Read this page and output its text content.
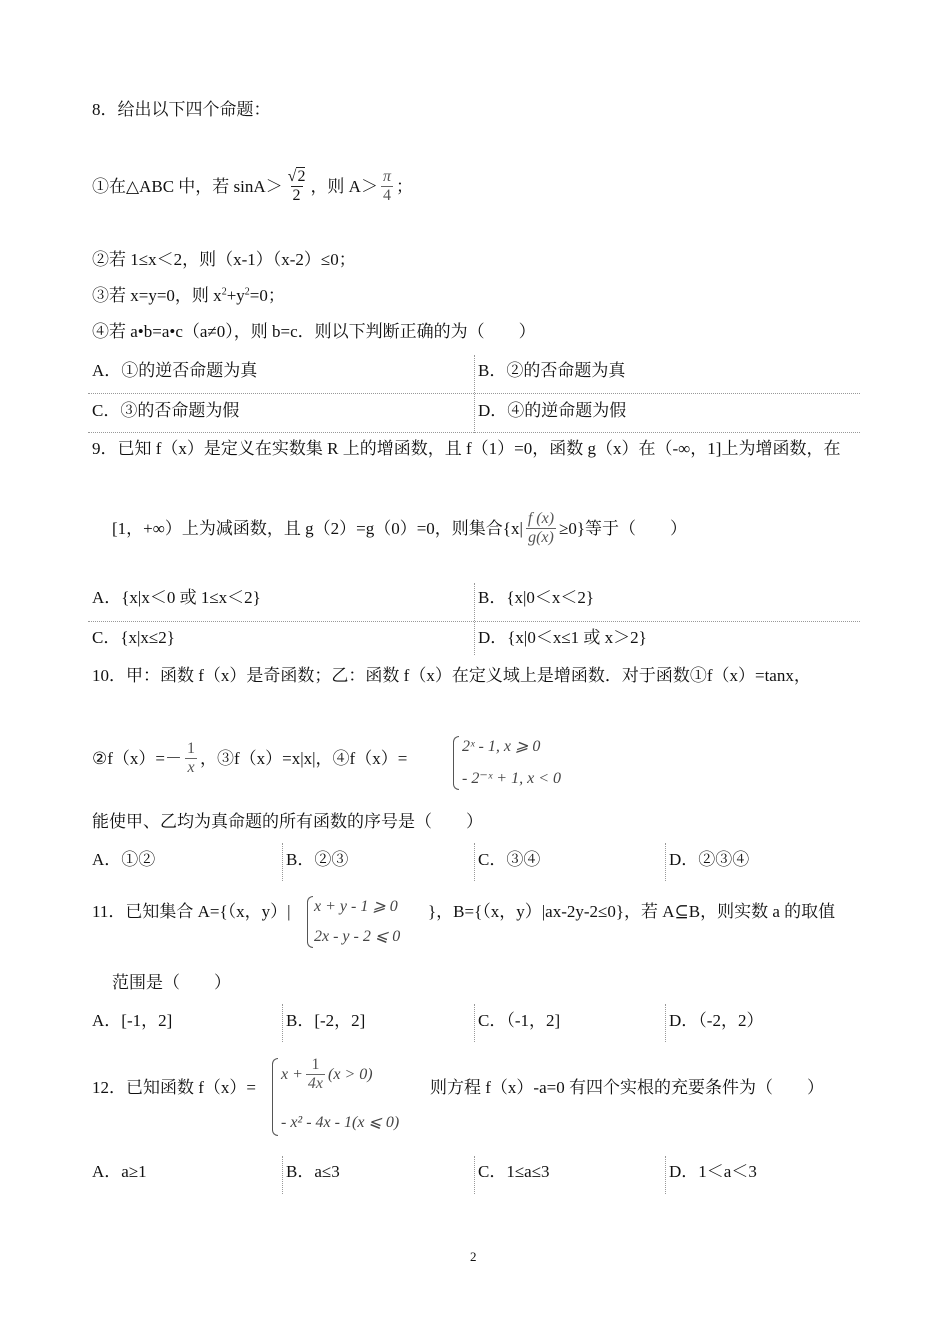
8．给出以下四个命题：
①在△ABC 中，若 $\sin A> \frac{√2}{2}$ ，则 $A> \frac{\pi}{4}$ ；
②若 1≤x＜2，则（x-1）（x-2）≤0；
③若 x=y=0，则 $x^2+y^2=0$；
④若 a•b=a•c（a≠0），则 b=c．则以下判断正确的为（　　）
A．①的逆否命题为真	B．②的否命题为真
C．③的否命题为假	D．④的逆命题为假
9．已知 f（x）是定义在实数集 R 上的增函数，且 f（1）=0，函数 g（x）在（-∞，1]上为增函数，在
[1，+∞）上为减函数，且 g（2）=g（0）=0，则集合$\{x| \frac{f (x)}{g(x)} \ge 0\}$等于（　　）
A．{x|x＜0 或 1≤x＜2}	B．{x|0＜x＜2}
C．{x|x≤2}	D．{x|0＜x≤1 或 x＞2}
10．甲：函数 f（x）是奇函数；乙：函数 f（x）在定义域上是增函数．对于函数①f（x）=tanx，
②f（x）=－ $\frac{1}{x}$ ，③f（x）=x|x|，④f（x）=
2ˣ - 1, x ⩾ 0
- 2⁻ˣ + 1, x < 0
能使甲、乙均为真命题的所有函数的序号是（　　）
A．①②	B．②③	C．③④	D．②③④
11．已知集合 A={（x，y）| x + y - 1 ⩾ 0
2x - y - 2 ⩽ 0
}，B={（x，y）|ax-2y-2≤0}，若 A⊆B，则实数 a 的取值
范围是（　　）
A．[-1，2]	B．[-2，2]	C．（-1，2]	D．（-2，2）
12．已知函数 f（x）=
$x + \frac{1}{4x} (x > 0)$
- x² - 4x - 1(x ⩽ 0)
则方程 f（x）-a=0 有四个实根的充要条件为（　　）
A．a≥1	B．a≤3	C．1≤a≤3	D．1＜a＜3
2
